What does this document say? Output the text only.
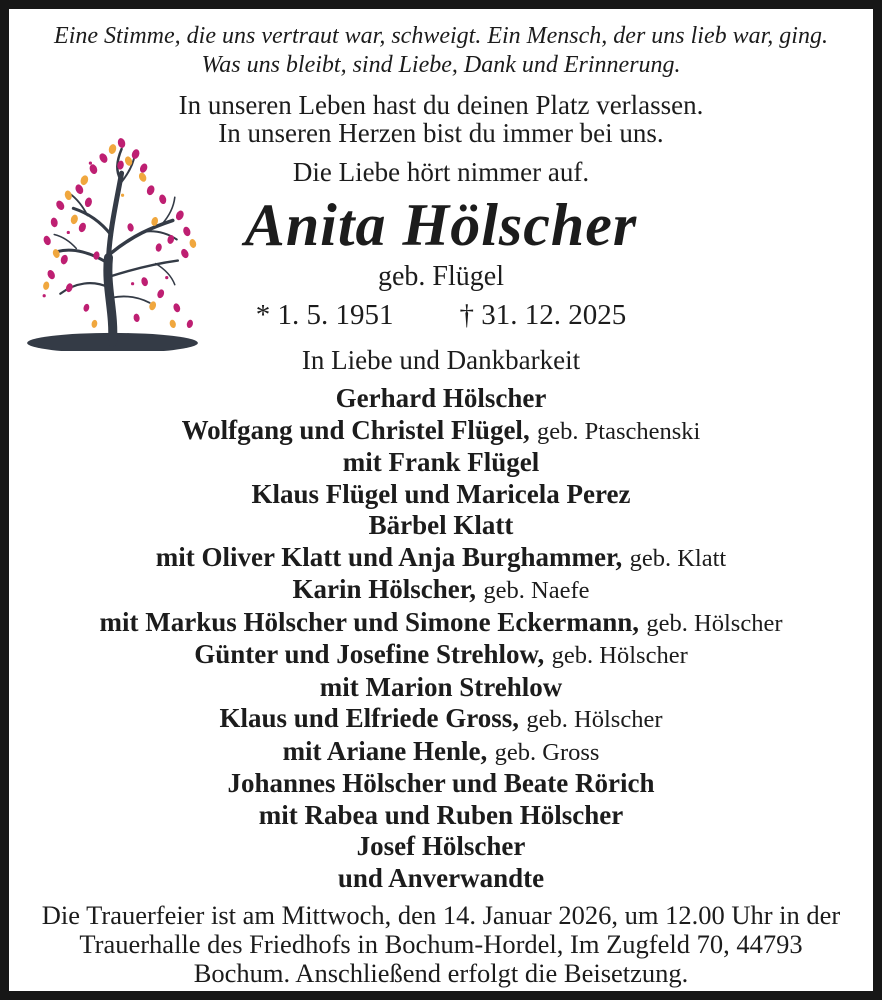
Eine Stimme, die uns vertraut war, schweigt. Ein Mensch, der uns lieb war, ging.
Was uns bleibt, sind Liebe, Dank und Erinnerung.
In unseren Leben hast du deinen Platz verlassen.
In unseren Herzen bist du immer bei uns.
Die Liebe hört nimmer auf.
Anita Hölscher
geb. Flügel
* 1. 5. 1951 † 31. 12. 2025
In Liebe und Dankbarkeit
Gerhard Hölscher
Wolfgang und Christel Flügel, geb. Ptaschenski
mit Frank Flügel
Klaus Flügel und Maricela Perez
Bärbel Klatt
mit Oliver Klatt und Anja Burghammer, geb. Klatt
Karin Hölscher, geb. Naefe
mit Markus Hölscher und Simone Eckermann, geb. Hölscher
Günter und Josefine Strehlow, geb. Hölscher
mit Marion Strehlow
Klaus und Elfriede Gross, geb. Hölscher
mit Ariane Henle, geb. Gross
Johannes Hölscher und Beate Rörich
mit Rabea und Ruben Hölscher
Josef Hölscher
und Anverwandte
Die Trauerfeier ist am Mittwoch, den 14. Januar 2026, um 12.00 Uhr in der
Trauerhalle des Friedhofs in Bochum-Hordel, Im Zugfeld 70, 44793
Bochum. Anschließend erfolgt die Beisetzung.
